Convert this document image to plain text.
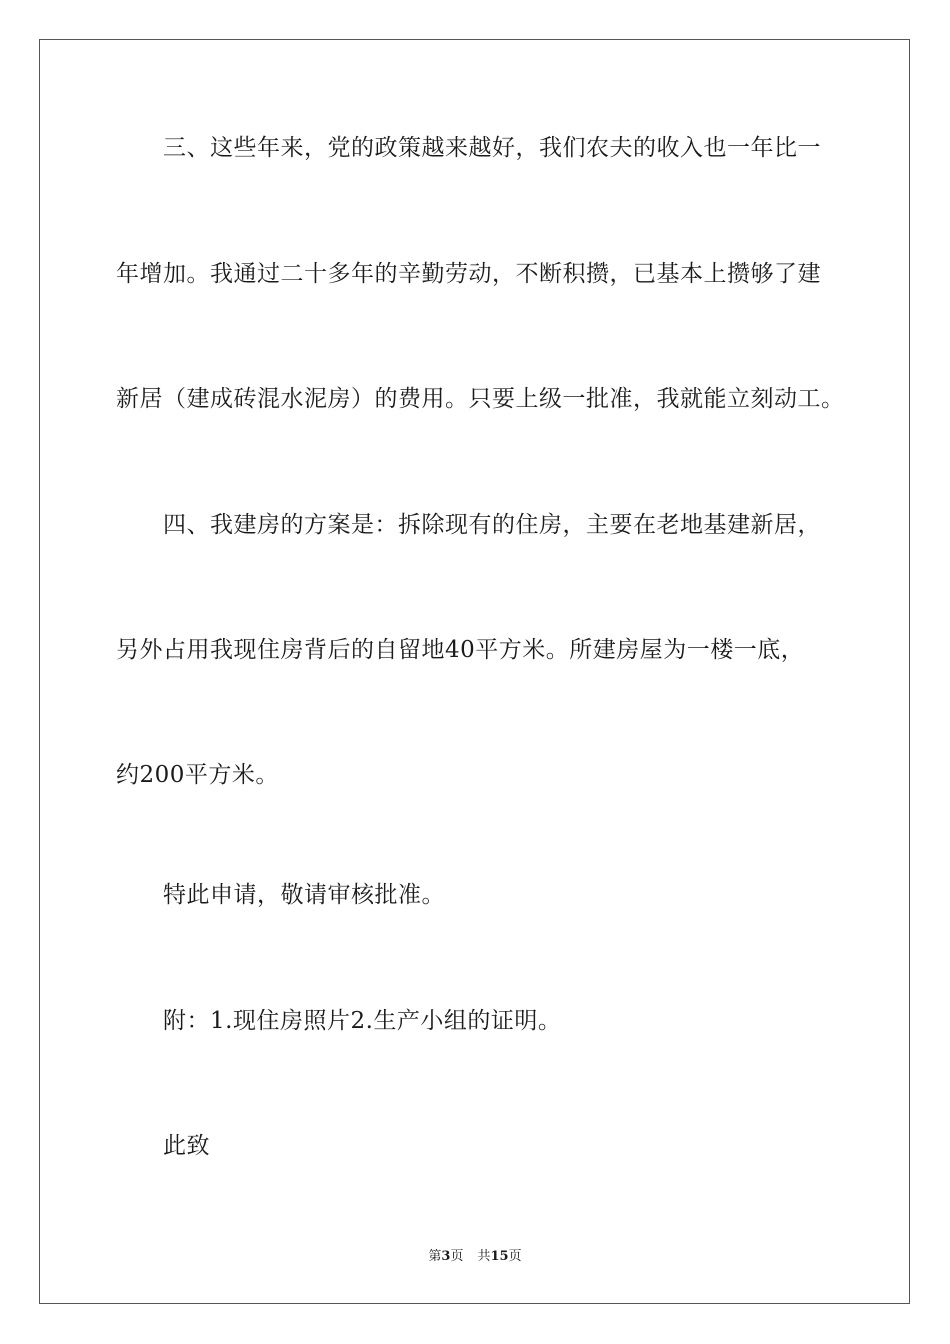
三、这些年来，党的政策越来越好，我们农夫的收入也一年比一
年增加。我通过二十多年的辛勤劳动，不断积攒，已基本上攒够了建
新居（建成砖混水泥房）的费用。只要上级一批准，我就能立刻动工。
四、我建房的方案是：拆除现有的住房，主要在老地基建新居，
另外占用我现住房背后的自留地40平方米。所建房屋为一楼一底，
约200平方米。
特此申请，敬请审核批准。
附：1.现住房照片2.生产小组的证明。
此致
第3页 共15页
